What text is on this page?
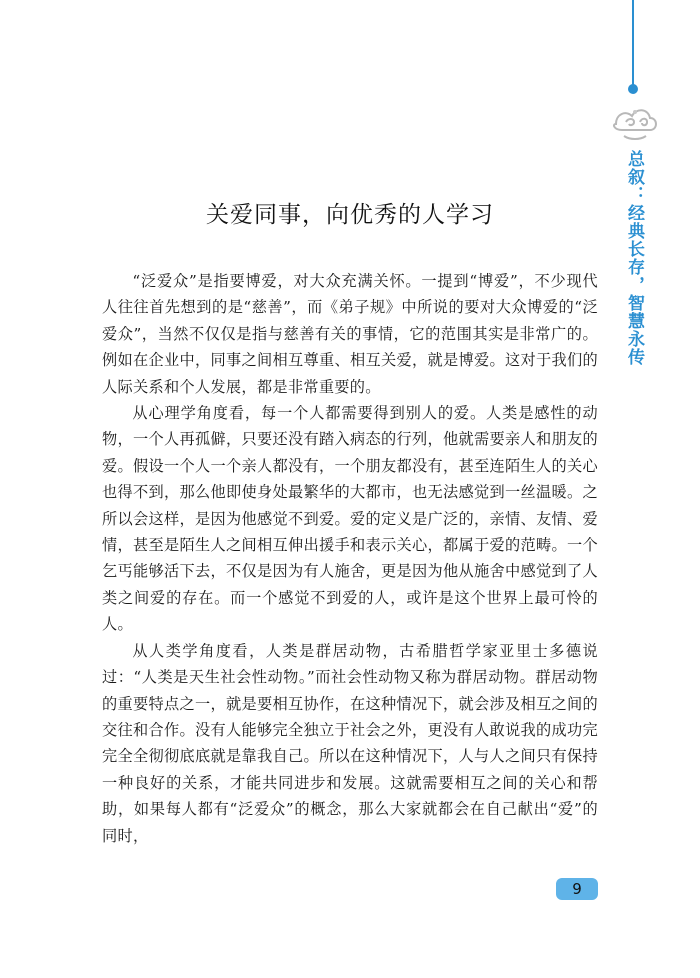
总叙：经典长存，智慧永传
关爱同事，向优秀的人学习

“泛爱众”是指要博爱，对大众充满关怀。一提到“博爱”，不少现代人往往首先想到的是“慈善”，而《弟子规》中所说的要对大众博爱的“泛爱众”，当然不仅仅是指与慈善有关的事情，它的范围其实是非常广的。例如在企业中，同事之间相互尊重、相互关爱，就是博爱。这对于我们的人际关系和个人发展，都是非常重要的。

从心理学角度看，每一个人都需要得到别人的爱。人类是感性的动物，一个人再孤僻，只要还没有踏入病态的行列，他就需要亲人和朋友的爱。假设一个人一个亲人都没有，一个朋友都没有，甚至连陌生人的关心也得不到，那么他即使身处最繁华的大都市，也无法感觉到一丝温暖。之所以会这样，是因为他感觉不到爱。爱的定义是广泛的，亲情、友情、爱情，甚至是陌生人之间相互伸出援手和表示关心，都属于爱的范畴。一个乞丐能够活下去，不仅是因为有人施舍，更是因为他从施舍中感觉到了人类之间爱的存在。而一个感觉不到爱的人，或许是这个世界上最可怜的人。

从人类学角度看，人类是群居动物，古希腊哲学家亚里士多德说过：“人类是天生社会性动物。”而社会性动物又称为群居动物。群居动物的重要特点之一，就是要相互协作，在这种情况下，就会涉及相互之间的交往和合作。没有人能够完全独立于社会之外，更没有人敢说我的成功完完全全彻彻底底就是靠我自己。所以在这种情况下，人与人之间只有保持一种良好的关系，才能共同进步和发展。这就需要相互之间的关心和帮助，如果每人都有“泛爱众”的概念，那么大家就都会在自己献出“爱”的同时，

9
